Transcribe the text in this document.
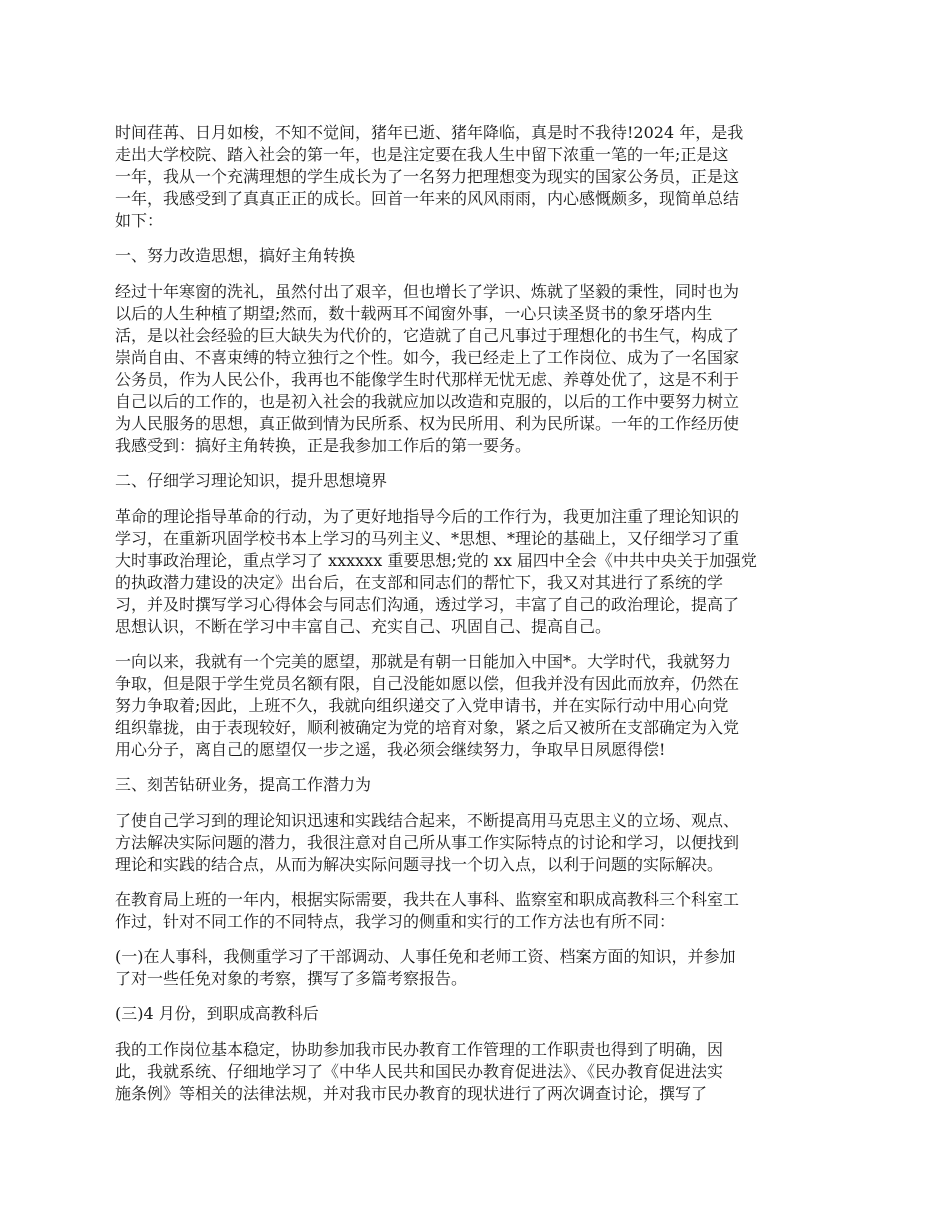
时间荏苒、日月如梭，不知不觉间，猪年已逝、猪年降临，真是时不我待!2024 年，是我
走出大学校院、踏入社会的第一年，也是注定要在我人生中留下浓重一笔的一年;正是这
一年，我从一个充满理想的学生成长为了一名努力把理想变为现实的国家公务员，正是这
一年，我感受到了真真正正的成长。回首一年来的风风雨雨，内心感慨颇多，现简单总结
如下：

一、努力改造思想，搞好主角转换

经过十年寒窗的洗礼，虽然付出了艰辛，但也增长了学识、炼就了坚毅的秉性，同时也为
以后的人生种植了期望;然而，数十载两耳不闻窗外事，一心只读圣贤书的象牙塔内生
活，是以社会经验的巨大缺失为代价的，它造就了自己凡事过于理想化的书生气，构成了
崇尚自由、不喜束缚的特立独行之个性。如今，我已经走上了工作岗位、成为了一名国家
公务员，作为人民公仆，我再也不能像学生时代那样无忧无虑、养尊处优了，这是不利于
自己以后的工作的，也是初入社会的我就应加以改造和克服的，以后的工作中要努力树立
为人民服务的思想，真正做到情为民所系、权为民所用、利为民所谋。一年的工作经历使
我感受到：搞好主角转换，正是我参加工作后的第一要务。

二、仔细学习理论知识，提升思想境界

革命的理论指导革命的行动，为了更好地指导今后的工作行为，我更加注重了理论知识的
学习，在重新巩固学校书本上学习的马列主义、*思想、*理论的基础上，又仔细学习了重
大时事政治理论，重点学习了 xxxxxx 重要思想;党的 xx 届四中全会《中共中央关于加强党
的执政潜力建设的决定》出台后，在支部和同志们的帮忙下，我又对其进行了系统的学
习，并及时撰写学习心得体会与同志们沟通，透过学习，丰富了自己的政治理论，提高了
思想认识，不断在学习中丰富自己、充实自己、巩固自己、提高自己。

一向以来，我就有一个完美的愿望，那就是有朝一日能加入中国*。大学时代，我就努力
争取，但是限于学生党员名额有限，自己没能如愿以偿，但我并没有因此而放弃，仍然在
努力争取着;因此，上班不久，我就向组织递交了入党申请书，并在实际行动中用心向党
组织靠拢，由于表现较好，顺利被确定为党的培育对象，紧之后又被所在支部确定为入党
用心分子，离自己的愿望仅一步之遥，我必须会继续努力，争取早日夙愿得偿!

三、刻苦钻研业务，提高工作潜力为

了使自己学习到的理论知识迅速和实践结合起来，不断提高用马克思主义的立场、观点、
方法解决实际问题的潜力，我很注意对自己所从事工作实际特点的讨论和学习，以便找到
理论和实践的结合点，从而为解决实际问题寻找一个切入点，以利于问题的实际解决。

在教育局上班的一年内，根据实际需要，我共在人事科、监察室和职成高教科三个科室工
作过，针对不同工作的不同特点，我学习的侧重和实行的工作方法也有所不同：

(一)在人事科，我侧重学习了干部调动、人事任免和老师工资、档案方面的知识，并参加
了对一些任免对象的考察，撰写了多篇考察报告。

(三)4 月份，到职成高教科后

我的工作岗位基本稳定，协助参加我市民办教育工作管理的工作职责也得到了明确，因
此，我就系统、仔细地学习了《中华人民共和国民办教育促进法》、《民办教育促进法实
施条例》等相关的法律法规，并对我市民办教育的现状进行了两次调查讨论，撰写了
